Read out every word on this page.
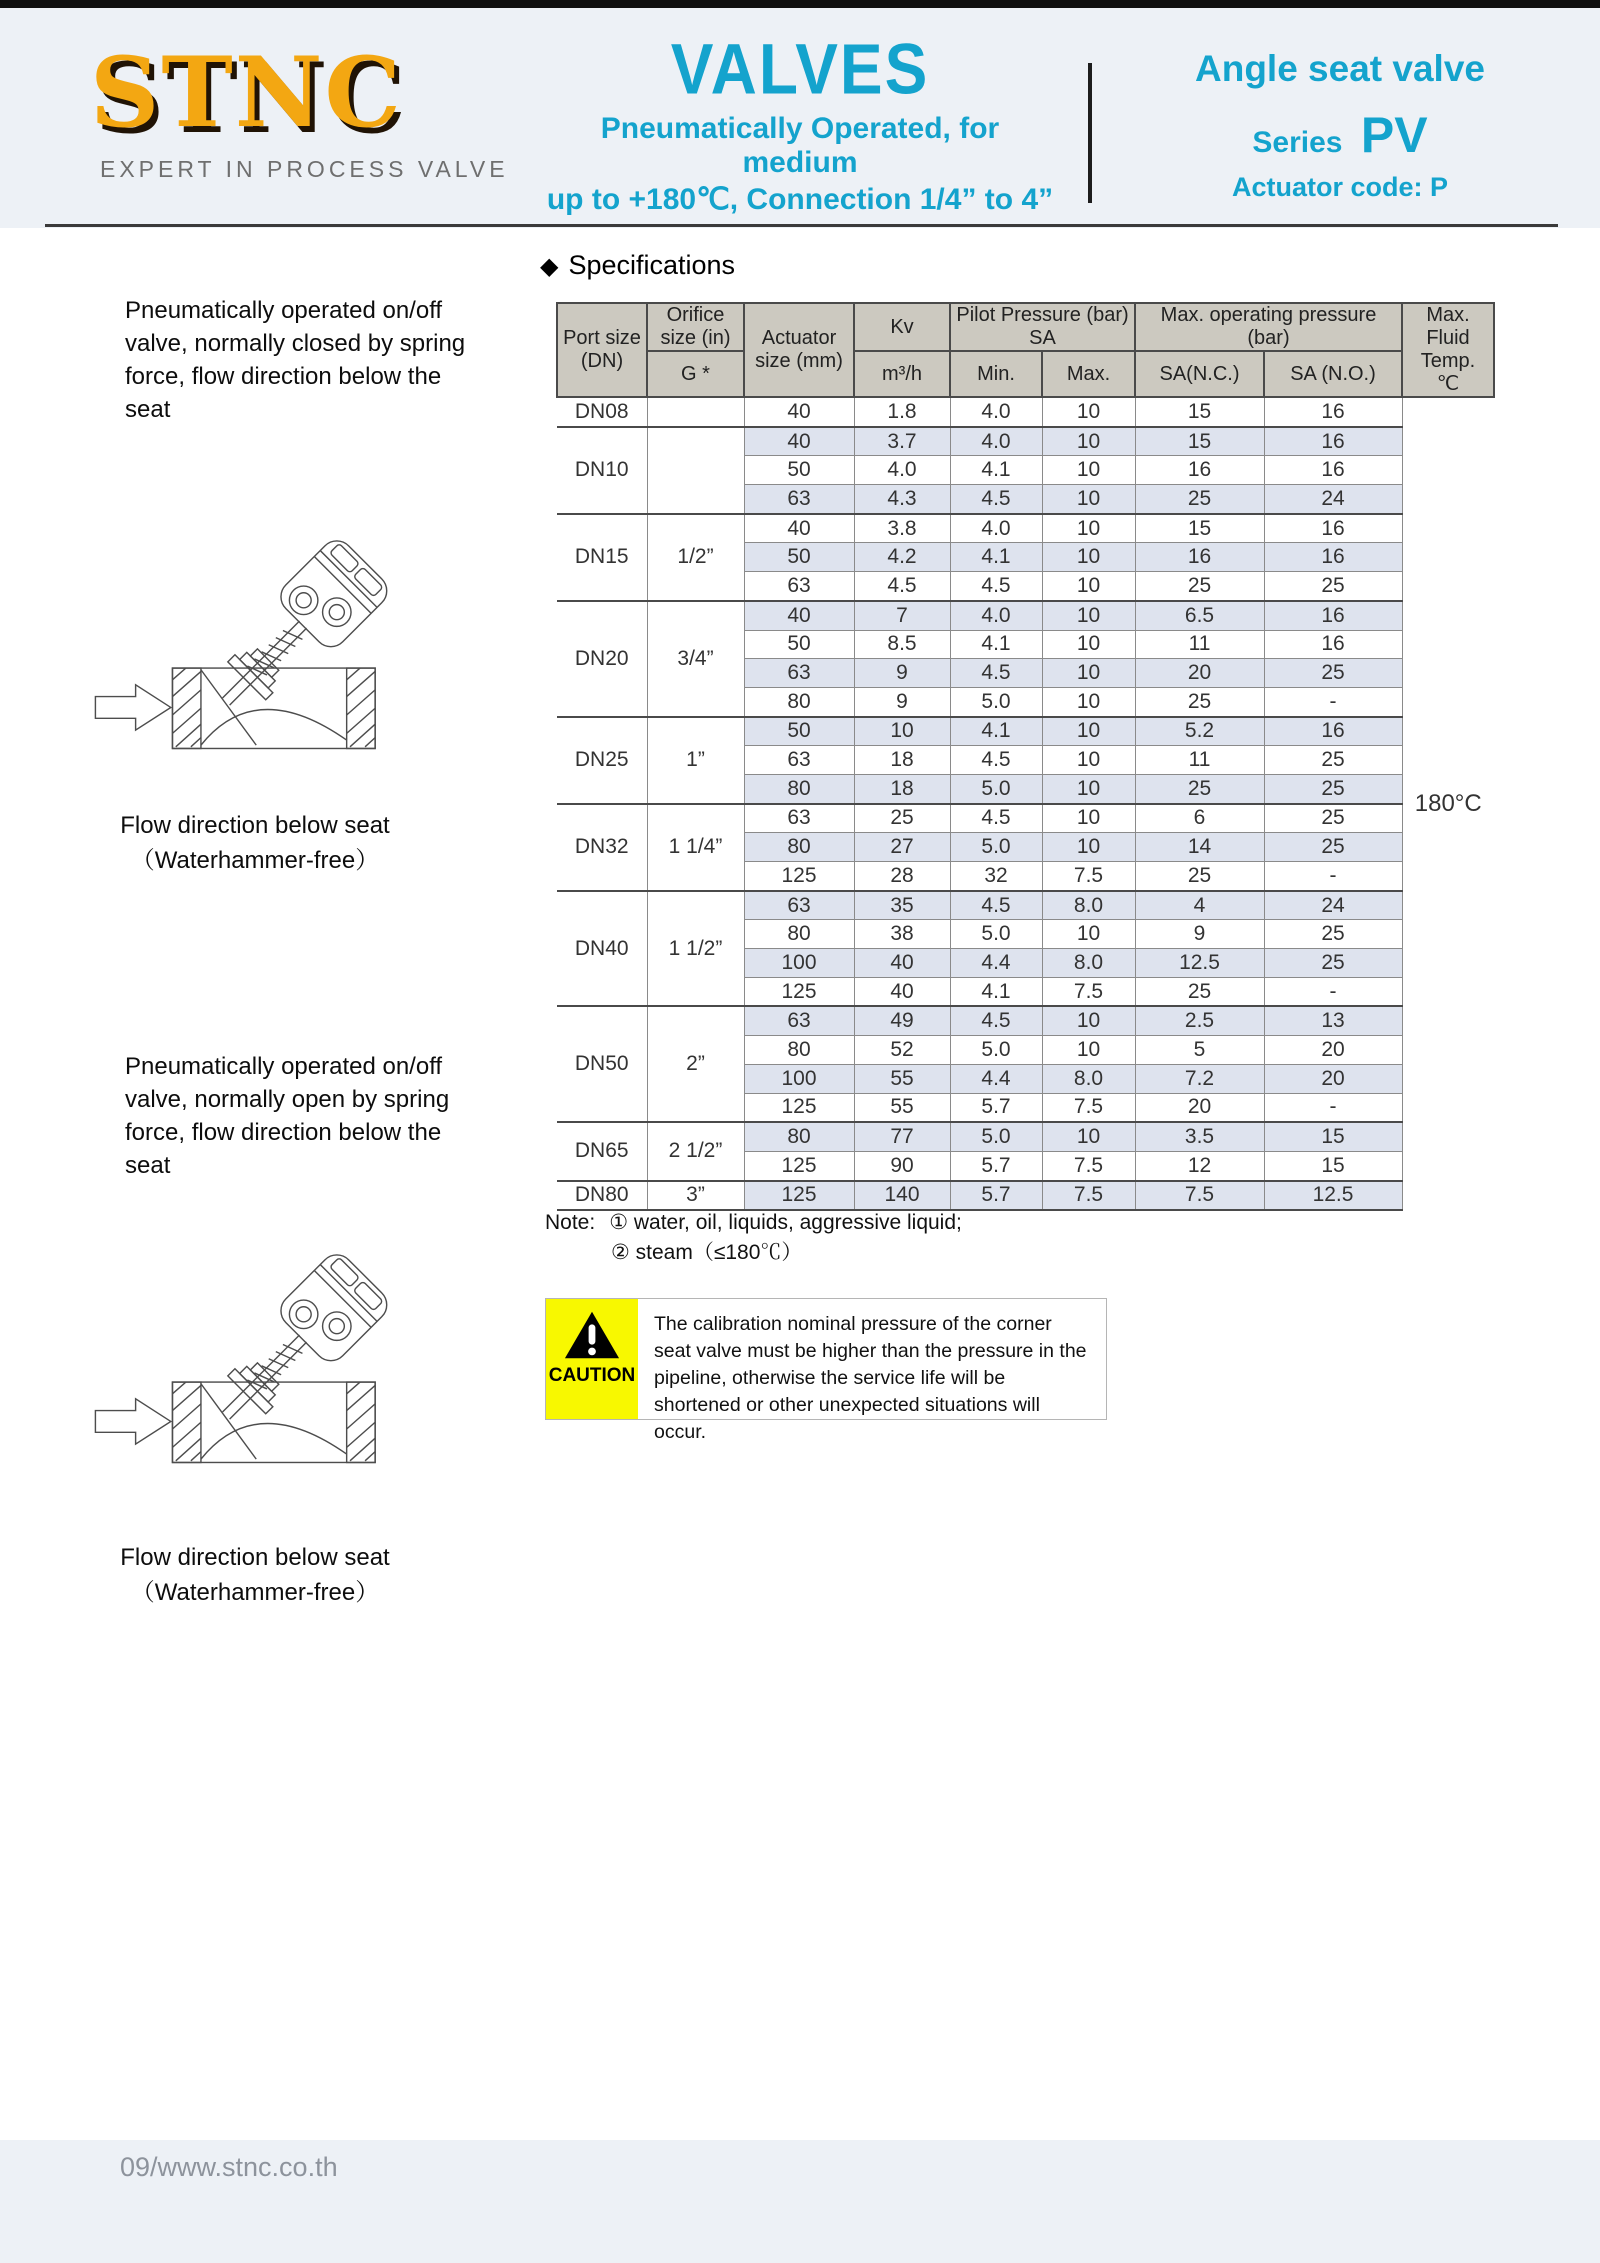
STNC
EXPERT IN PROCESS VALVE
VALVES
Pneumatically Operated, for medium
up to +180℃, Connection 1/4” to 4”
Angle seat valve
Series PV
Actuator code: P
◆ Specifications
Pneumatically operated on/off valve, normally closed by spring force, flow direction below the seat
Flow direction below seat
（Waterhammer-free）
Pneumatically operated on/off valve, normally open by spring force, flow direction below the seat
Flow direction below seat
（Waterhammer-free）
Port size (DN)	Orifice size (in)	Actuator size (mm)	Kv	Pilot Pressure (bar) SA		Max. operating pressure (bar)		Max. Fluid Temp. ℃
	G *		m³/h	Min.	Max.	SA(N.C.)	SA (N.O.)	
DN08		40	1.8	4.0	10	15	16	180°C
DN10		40	3.7	4.0	10	15	16	
		50	4.0	4.1	10	16	16	
		63	4.3	4.5	10	25	24	
DN15	1/2”	40	3.8	4.0	10	15	16	
		50	4.2	4.1	10	16	16	
		63	4.5	4.5	10	25	25	
DN20	3/4”	40	7	4.0	10	6.5	16	
		50	8.5	4.1	10	11	16	
		63	9	4.5	10	20	25	
		80	9	5.0	10	25	-	
DN25	1”	50	10	4.1	10	5.2	16	
		63	18	4.5	10	11	25	
		80	18	5.0	10	25	25	
DN32	1 1/4”	63	25	4.5	10	6	25	
		80	27	5.0	10	14	25	
		125	28	32	7.5	25	-	
DN40	1 1/2”	63	35	4.5	8.0	4	24	
		80	38	5.0	10	9	25	
		100	40	4.4	8.0	12.5	25	
		125	40	4.1	7.5	25	-	
DN50	2”	63	49	4.5	10	2.5	13	
		80	52	5.0	10	5	20	
		100	55	4.4	8.0	7.2	20	
		125	55	5.7	7.5	20	-	
DN65	2 1/2”	80	77	5.0	10	3.5	15	
		125	90	5.7	7.5	12	15	
DN80	3”	125	140	5.7	7.5	7.5	12.5	
Note: ① water, oil, liquids, aggressive liquid;
② steam（≤180℃）
CAUTION
The calibration nominal pressure of the corner seat valve must be higher than the pressure in the pipeline, otherwise the service life will be shortened or other unexpected situations will occur.
09/www.stnc.co.th
